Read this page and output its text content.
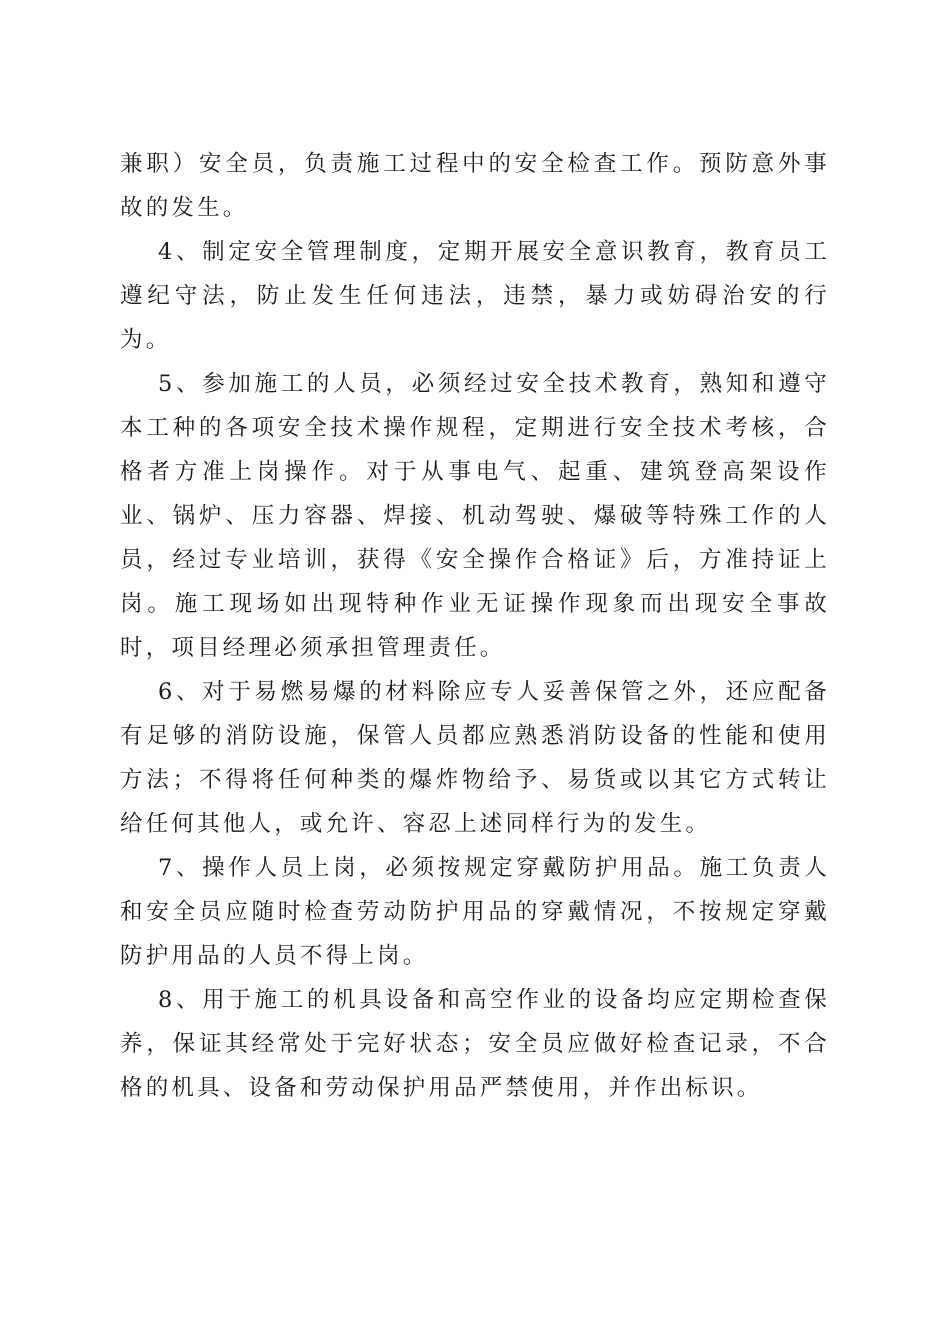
兼职）安全员，负责施工过程中的安全检查工作。预防意外事故的发生。

4、制定安全管理制度，定期开展安全意识教育，教育员工遵纪守法，防止发生任何违法，违禁，暴力或妨碍治安的行为。

5、参加施工的人员，必须经过安全技术教育，熟知和遵守本工种的各项安全技术操作规程，定期进行安全技术考核，合格者方准上岗操作。对于从事电气、起重、建筑登高架设作业、锅炉、压力容器、焊接、机动驾驶、爆破等特殊工作的人员，经过专业培训，获得《安全操作合格证》后，方准持证上岗。施工现场如出现特种作业无证操作现象而出现安全事故时，项目经理必须承担管理责任。

6、对于易燃易爆的材料除应专人妥善保管之外，还应配备有足够的消防设施，保管人员都应熟悉消防设备的性能和使用方法；不得将任何种类的爆炸物给予、易货或以其它方式转让给任何其他人，或允许、容忍上述同样行为的发生。

7、操作人员上岗，必须按规定穿戴防护用品。施工负责人和安全员应随时检查劳动防护用品的穿戴情况，不按规定穿戴防护用品的人员不得上岗。

8、用于施工的机具设备和高空作业的设备均应定期检查保养，保证其经常处于完好状态；安全员应做好检查记录，不合格的机具、设备和劳动保护用品严禁使用，并作出标识。
